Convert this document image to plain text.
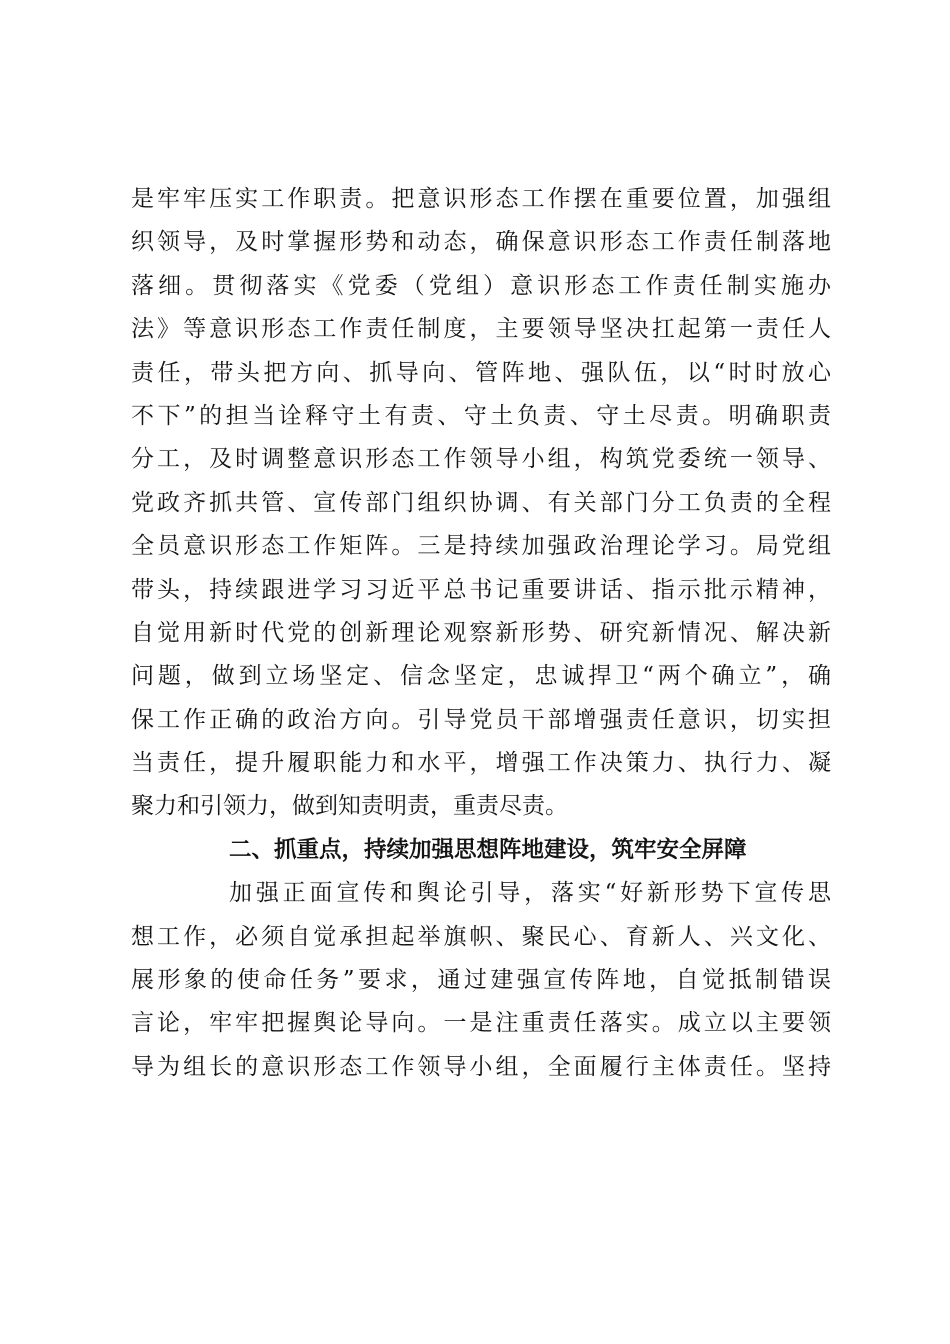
是牢牢压实工作职责。把意识形态工作摆在重要位置，加强组
织领导，及时掌握形势和动态，确保意识形态工作责任制落地
落细。贯彻落实《党委（党组）意识形态工作责任制实施办
法》等意识形态工作责任制度，主要领导坚决扛起第一责任人
责任，带头把方向、抓导向、管阵地、强队伍，以“时时放心
不下”的担当诠释守土有责、守土负责、守土尽责。明确职责
分工，及时调整意识形态工作领导小组，构筑党委统一领导、
党政齐抓共管、宣传部门组织协调、有关部门分工负责的全程
全员意识形态工作矩阵。三是持续加强政治理论学习。局党组
带头，持续跟进学习习近平总书记重要讲话、指示批示精神，
自觉用新时代党的创新理论观察新形势、研究新情况、解决新
问题，做到立场坚定、信念坚定，忠诚捍卫“两个确立”，确
保工作正确的政治方向。引导党员干部增强责任意识，切实担
当责任，提升履职能力和水平，增强工作决策力、执行力、凝
聚力和引领力，做到知责明责，重责尽责。
二、抓重点，持续加强思想阵地建设，筑牢安全屏障
加强正面宣传和舆论引导，落实“好新形势下宣传思
想工作，必须自觉承担起举旗帜、聚民心、育新人、兴文化、
展形象的使命任务”要求，通过建强宣传阵地，自觉抵制错误
言论，牢牢把握舆论导向。一是注重责任落实。成立以主要领
导为组长的意识形态工作领导小组，全面履行主体责任。坚持
